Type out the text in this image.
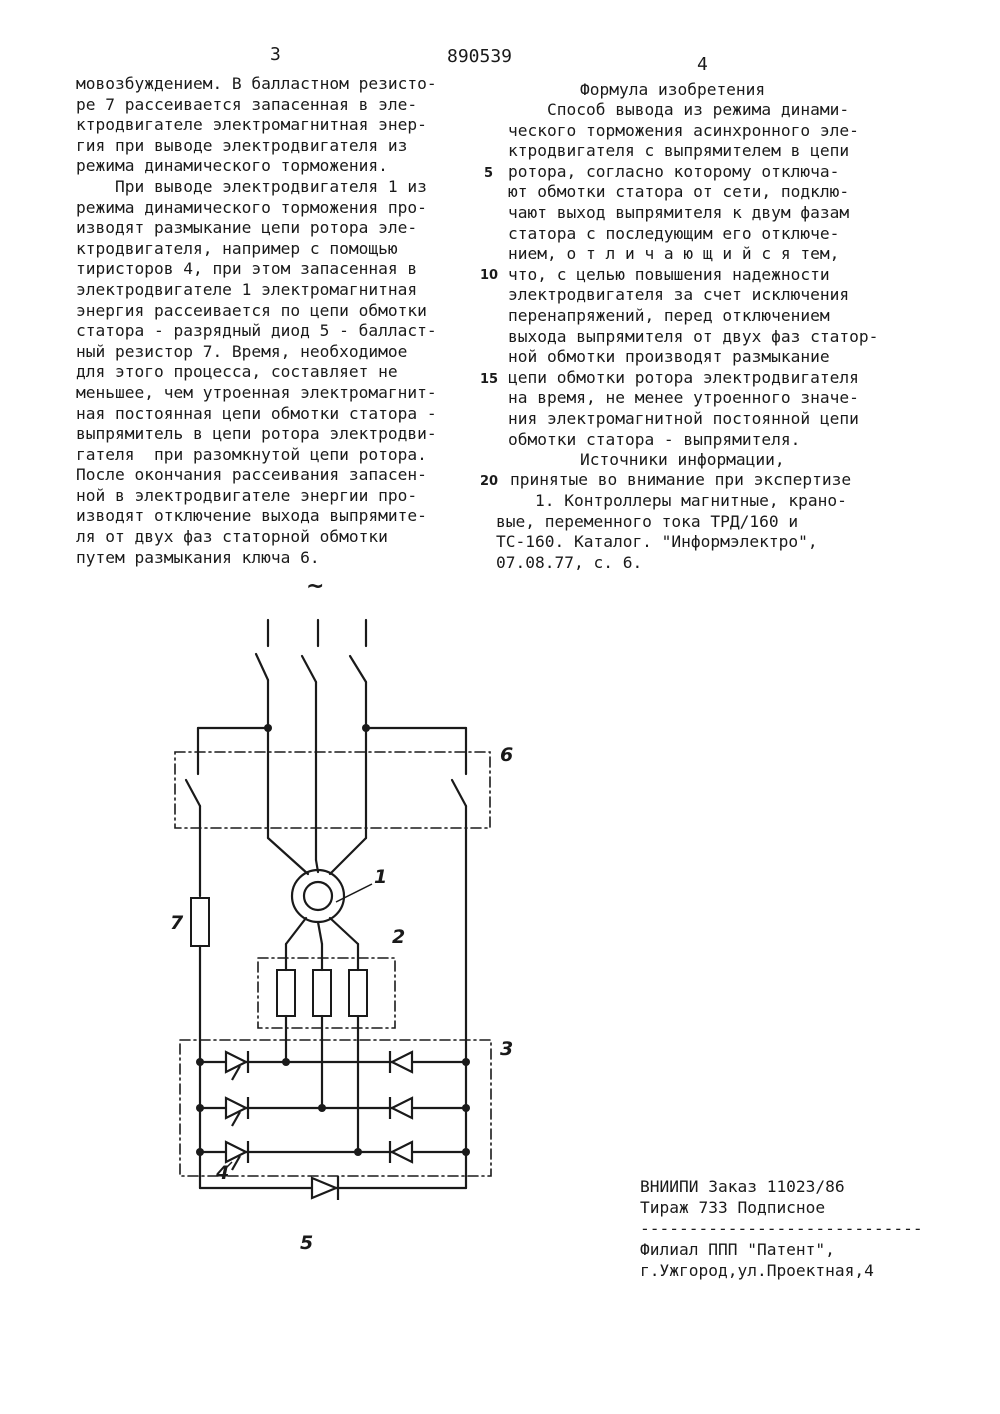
3	890539	4
мовозбуждением. В балластном резисто-
ре 7 рассеивается запасенная в эле-
ктродвигателе электромагнитная энер-
гия при выводе электродвигателя из
режима динамического торможения.
При выводе электродвигателя 1 из
режима динамического торможения про-
изводят размыкание цепи ротора эле-
ктродвигателя, например с помощью
тиристоров 4, при этом запасенная в
электродвигателе 1 электромагнитная
энергия рассеивается по цепи обмотки
статора - разрядный диод 5 - балласт-
ный резистор 7. Время, необходимое
для этого процесса, составляет не
меньшее, чем утроенная электромагнит-
ная постоянная цепи обмотки статора -
выпрямитель в цепи ротора электродви-
гателя  при разомкнутой цепи ротора.
После окончания рассеивания запасен-
ной в электродвигателе энергии про-
изводят отключение выхода выпрямите-
ля от двух фаз статорной обмотки
путем размыкания ключа 6.
Формула изобретения
Способ вывода из режима динами-
ческого торможения асинхронного эле-
ктродвигателя с выпрямителем в цепи
ротора, согласно которому отключа-
ют обмотки статора от сети, подклю-
чают выход выпрямителя к двум фазам
статора с последующим его отключе-
нием, о т л и ч а ю щ и й с я тем,
что, с целью повышения надежности
электродвигателя за счет исключения
перенапряжений, перед отключением
выхода выпрямителя от двух фаз статор-
ной обмотки производят размыкание
цепи обмотки ротора электродвигателя
на время, не менее утроенного значе-
ния электромагнитной постоянной цепи
обмотки статора - выпрямителя.
Источники информации,
принятые во внимание при экспертизе
1. Контроллеры магнитные, крано-
вые, переменного тока ТРД/160 и
ТС-160. Каталог. "Информэлектро",
07.08.77, с. 6.
5
10
15
20
~
1
2
3
4
5
6
7
ВНИИПИ Заказ 11023/86
Тираж 733 Подписное
-----------------------------
Филиал ППП "Патент",
г.Ужгород,ул.Проектная,4
